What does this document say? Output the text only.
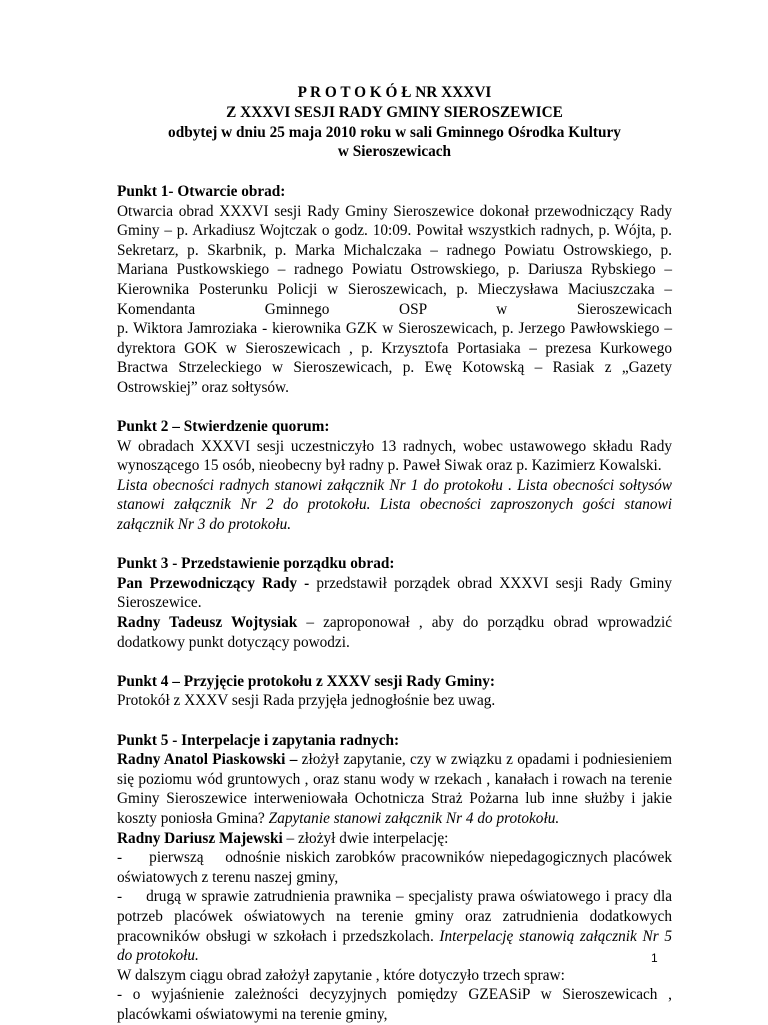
P R O T O K Ó Ł NR XXXVI
Z XXXVI SESJI RADY GMINY SIEROSZEWICE
odbytej w dniu 25 maja 2010 roku w sali Gminnego Ośrodka Kultury
w Sieroszewicach
Punkt 1- Otwarcie obrad:
Otwarcia obrad XXXVI sesji Rady Gminy Sieroszewice dokonał przewodniczący Rady Gminy – p. Arkadiusz Wojtczak o godz. 10:09. Powitał wszystkich radnych, p. Wójta, p. Sekretarz, p. Skarbnik, p. Marka Michalczaka – radnego Powiatu Ostrowskiego, p. Mariana Pustkowskiego – radnego Powiatu Ostrowskiego, p. Dariusza Rybskiego – Kierownika Posterunku Policji w Sieroszewicach, p. Mieczysława Maciuszczaka – Komendanta Gminnego OSP w Sieroszewicach
p. Wiktora Jamroziaka - kierownika GZK w Sieroszewicach, p. Jerzego Pawłowskiego – dyrektora GOK w Sieroszewicach , p. Krzysztofa Portasiaka – prezesa Kurkowego Bractwa Strzeleckiego w Sieroszewicach, p. Ewę Kotowską – Rasiak z „Gazety Ostrowskiej” oraz sołtysów.
Punkt 2 – Stwierdzenie quorum:
W obradach XXXVI sesji uczestniczyło 13 radnych, wobec ustawowego składu Rady wynoszącego 15 osób, nieobecny był radny p. Paweł Siwak oraz p. Kazimierz Kowalski.
Lista obecności radnych stanowi załącznik Nr 1 do protokołu . Lista obecności sołtysów stanowi załącznik Nr 2 do protokołu. Lista obecności zaproszonych gości stanowi załącznik Nr 3 do protokołu.
Punkt 3 - Przedstawienie porządku obrad:
Pan Przewodniczący Rady - przedstawił porządek obrad XXXVI sesji Rady Gminy Sieroszewice.
Radny Tadeusz Wojtysiak – zaproponował , aby do porządku obrad wprowadzić dodatkowy punkt dotyczący powodzi.
Punkt 4 – Przyjęcie protokołu z XXXV sesji Rady Gminy:
Protokół z XXXV sesji Rada przyjęła jednogłośnie bez uwag.
Punkt 5 - Interpelacje i zapytania radnych:
Radny Anatol Piaskowski – złożył zapytanie, czy w związku z opadami i podniesieniem się poziomu wód gruntowych , oraz stanu wody w rzekach , kanałach i rowach na terenie Gminy Sieroszewice interweniowała Ochotnicza Straż Pożarna lub inne służby i jakie koszty poniosła Gmina? Zapytanie stanowi załącznik Nr 4 do protokołu.
Radny Dariusz Majewski – złożył dwie interpelację:
-     pierwszą    odnośnie niskich zarobków pracowników niepedagogicznych placówek oświatowych z terenu naszej gminy,
-     drugą w sprawie zatrudnienia prawnika – specjalisty prawa oświatowego i pracy dla potrzeb placówek oświatowych na terenie gminy oraz zatrudnienia dodatkowych pracowników obsługi w szkołach i przedszkolach. Interpelację stanowią załącznik Nr 5 do protokołu.
W dalszym ciągu obrad założył zapytanie , które dotyczyło trzech spraw:
- o wyjaśnienie zależności decyzyjnych pomiędzy GZEASiP w Sieroszewicach , placówkami oświatowymi na terenie gminy,
1
